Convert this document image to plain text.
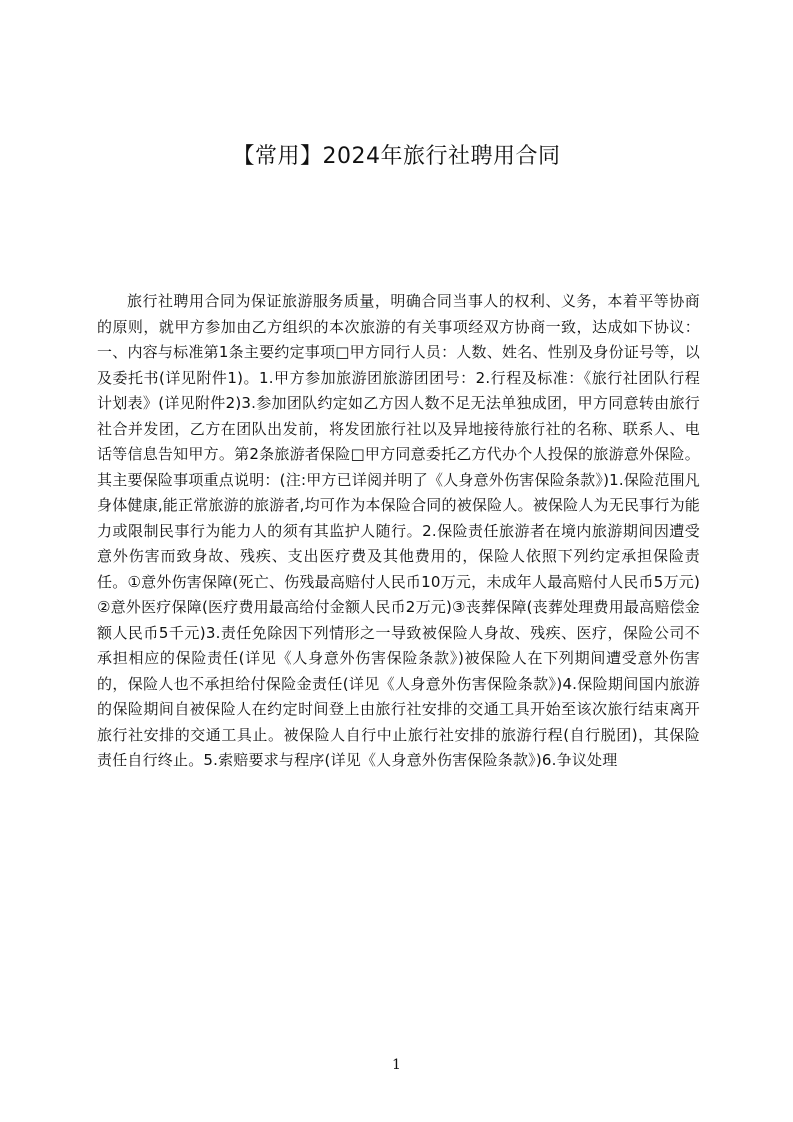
【常用】2024年旅行社聘用合同

旅行社聘用合同为保证旅游服务质量，明确合同当事人的权利、义务，本着平等协商的原则，就甲方参加由乙方组织的本次旅游的有关事项经双方协商一致，达成如下协议：一、内容与标准第1条主要约定事项□甲方同行人员：人数、姓名、性别及身份证号等，以及委托书(详见附件1)。1.甲方参加旅游团旅游团团号：2.行程及标准：《旅行社团队行程计划表》(详见附件2)3.参加团队约定如乙方因人数不足无法单独成团，甲方同意转由旅行社合并发团，乙方在团队出发前，将发团旅行社以及异地接待旅行社的名称、联系人、电话等信息告知甲方。第2条旅游者保险□甲方同意委托乙方代办个人投保的旅游意外保险。其主要保险事项重点说明：(注:甲方已详阅并明了《人身意外伤害保险条款》)1.保险范围凡身体健康,能正常旅游的旅游者,均可作为本保险合同的被保险人。被保险人为无民事行为能力或限制民事行为能力人的须有其监护人随行。2.保险责任旅游者在境内旅游期间因遭受意外伤害而致身故、残疾、支出医疗费及其他费用的，保险人依照下列约定承担保险责任。①意外伤害保障(死亡、伤残最高赔付人民币10万元，未成年人最高赔付人民币5万元)②意外医疗保障(医疗费用最高给付金额人民币2万元)③丧葬保障(丧葬处理费用最高赔偿金额人民币5千元)3.责任免除因下列情形之一导致被保险人身故、残疾、医疗，保险公司不承担相应的保险责任(详见《人身意外伤害保险条款》)被保险人在下列期间遭受意外伤害的，保险人也不承担给付保险金责任(详见《人身意外伤害保险条款》)4.保险期间国内旅游的保险期间自被保险人在约定时间登上由旅行社安排的交通工具开始至该次旅行结束离开旅行社安排的交通工具止。被保险人自行中止旅行社安排的旅游行程(自行脱团)，其保险责任自行终止。5.索赔要求与程序(详见《人身意外伤害保险条款》)6.争议处理

1
